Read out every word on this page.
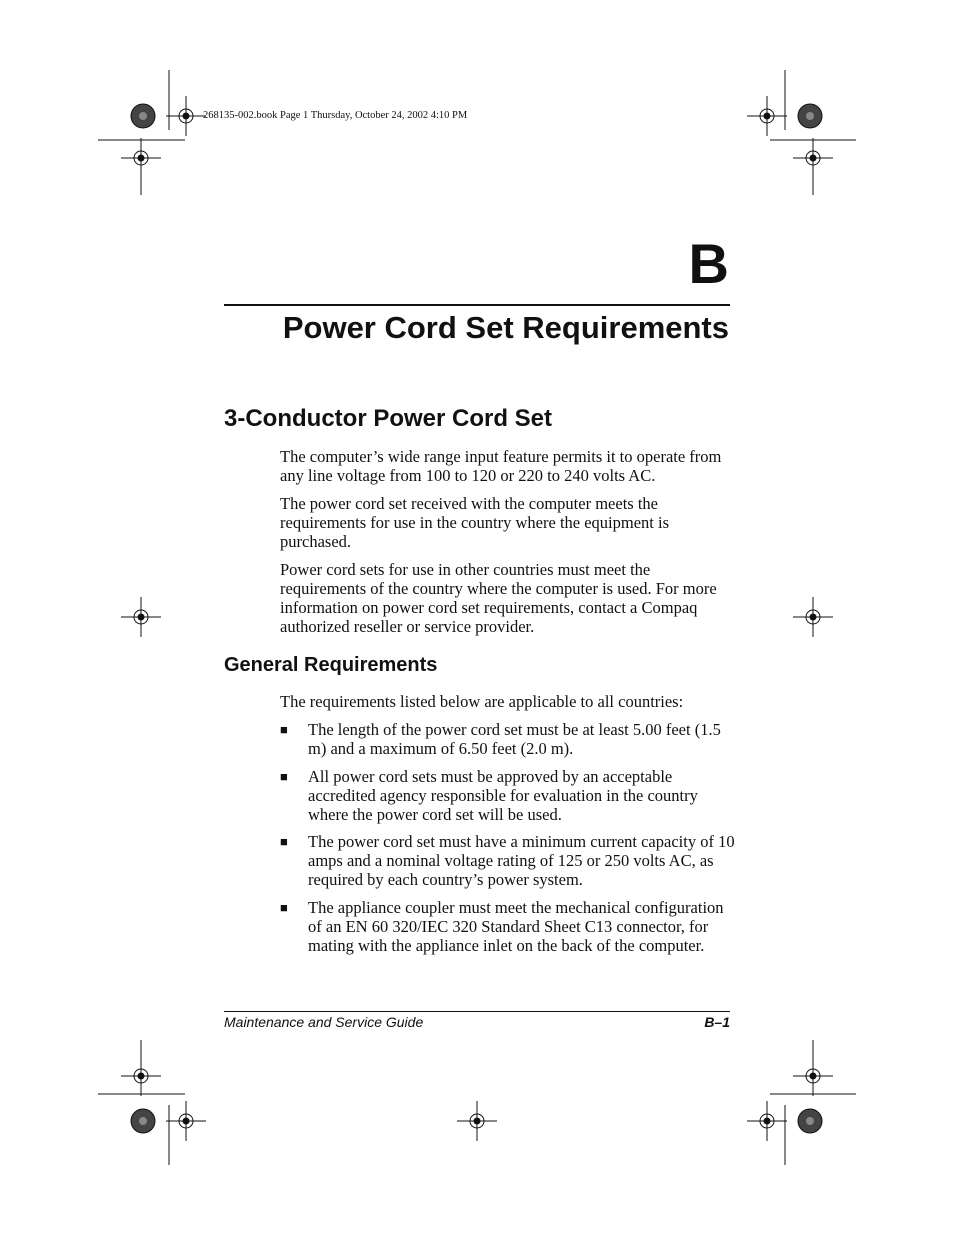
268135-002.book Page 1 Thursday, October 24, 2002 4:10 PM
B
Power Cord Set Requirements
3-Conductor Power Cord Set

The computer’s wide range input feature permits it to operate from any line voltage from 100 to 120 or 220 to 240 volts AC.

The power cord set received with the computer meets the requirements for use in the country where the equipment is purchased.

Power cord sets for use in other countries must meet the requirements of the country where the computer is used. For more information on power cord set requirements, contact a Compaq authorized reseller or service provider.

General Requirements

The requirements listed below are applicable to all countries:

■	The length of the power cord set must be at least 5.00 feet (1.5 m) and a maximum of 6.50 feet (2.0 m).
■	All power cord sets must be approved by an acceptable accredited agency responsible for evaluation in the country where the power cord set will be used.
■	The power cord set must have a minimum current capacity of 10 amps and a nominal voltage rating of 125 or 250 volts AC, as required by each country’s power system.
■	The appliance coupler must meet the mechanical configuration of an EN 60 320/IEC 320 Standard Sheet C13 connector, for mating with the appliance inlet on the back of the computer.
Maintenance and Service Guide	B–1
